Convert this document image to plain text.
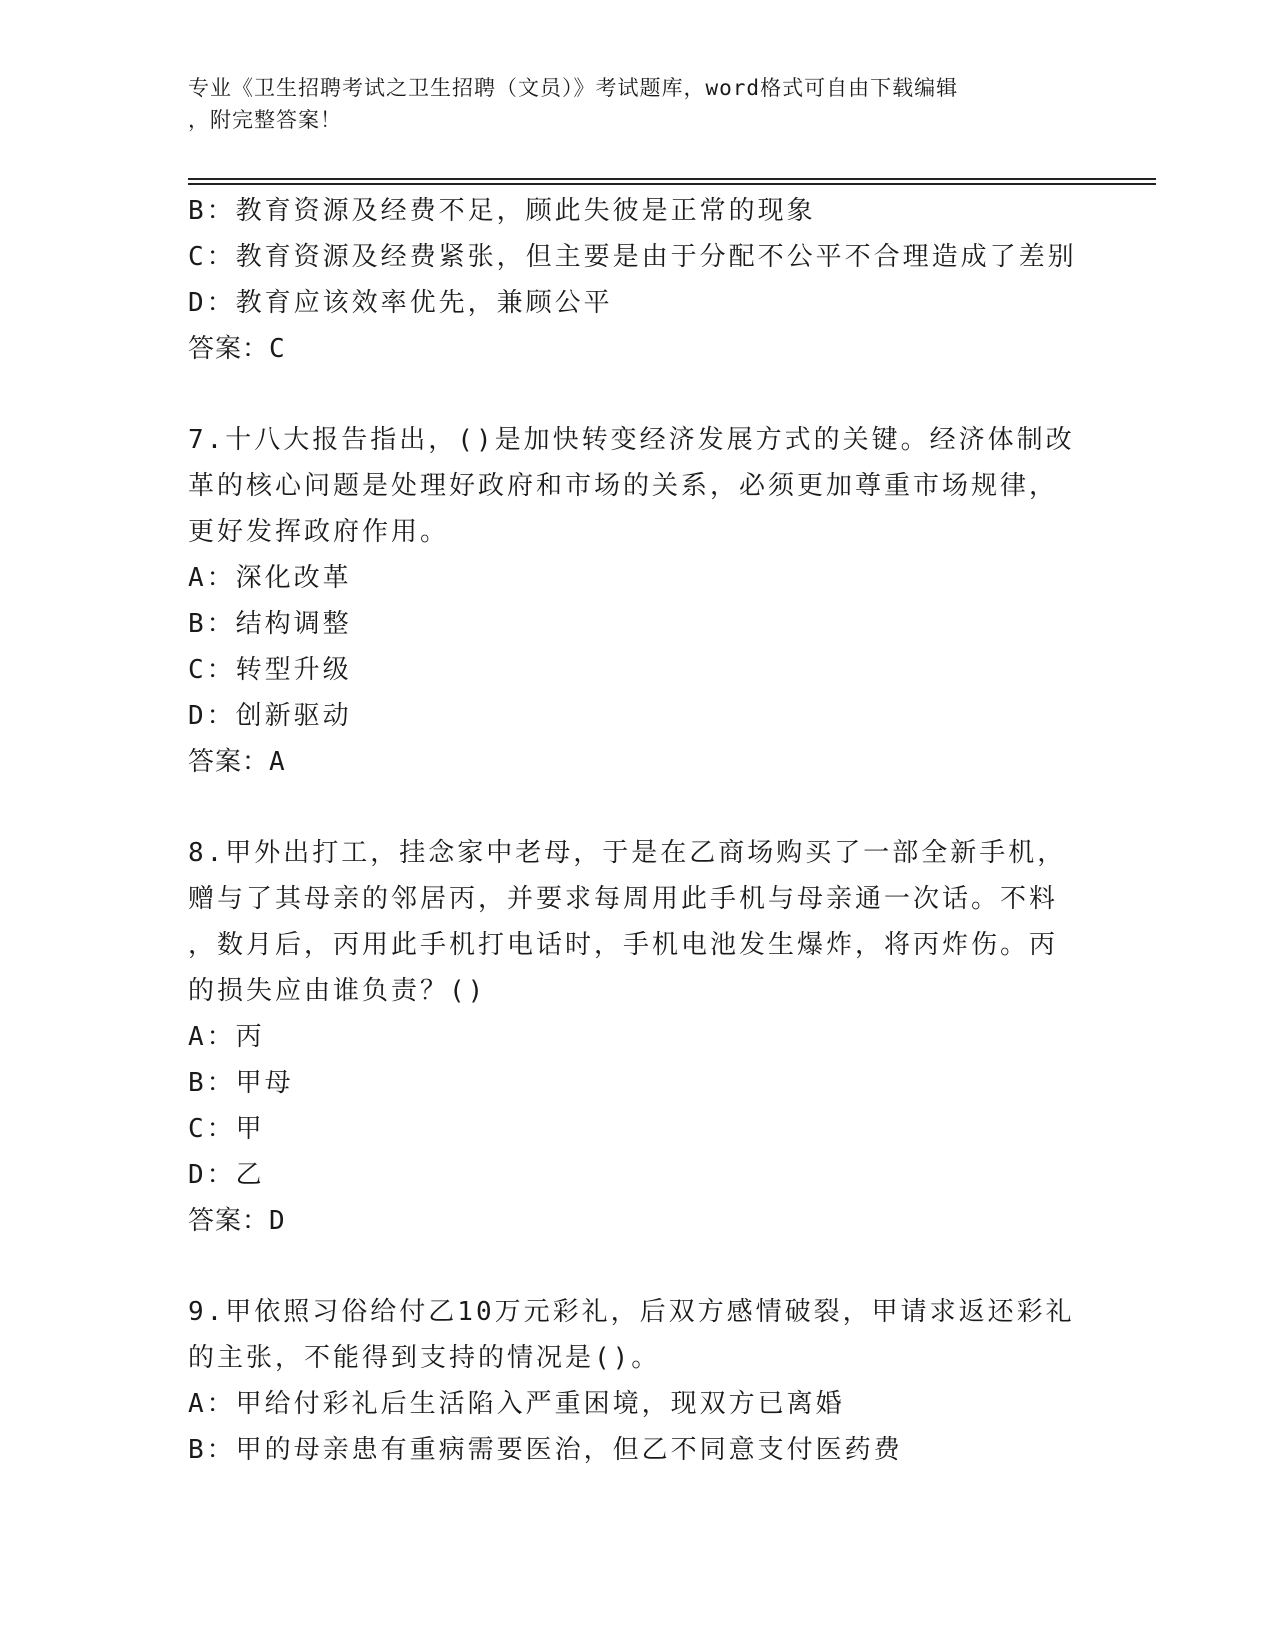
专业《卫生招聘考试之卫生招聘（文员）》考试题库，word格式可自由下载编辑
，附完整答案！
B：教育资源及经费不足，顾此失彼是正常的现象
C：教育资源及经费紧张，但主要是由于分配不公平不合理造成了差别
D：教育应该效率优先，兼顾公平
答案：C
7.十八大报告指出，()是加快转变经济发展方式的关键。经济体制改
革的核心问题是处理好政府和市场的关系，必须更加尊重市场规律，
更好发挥政府作用。
A：深化改革
B：结构调整
C：转型升级
D：创新驱动
答案：A
8.甲外出打工，挂念家中老母，于是在乙商场购买了一部全新手机，
赠与了其母亲的邻居丙，并要求每周用此手机与母亲通一次话。不料
，数月后，丙用此手机打电话时，手机电池发生爆炸，将丙炸伤。丙
的损失应由谁负责？()
A：丙
B：甲母
C：甲
D：乙
答案：D
9.甲依照习俗给付乙10万元彩礼，后双方感情破裂，甲请求返还彩礼
的主张，不能得到支持的情况是()。
A：甲给付彩礼后生活陷入严重困境，现双方已离婚
B：甲的母亲患有重病需要医治，但乙不同意支付医药费
